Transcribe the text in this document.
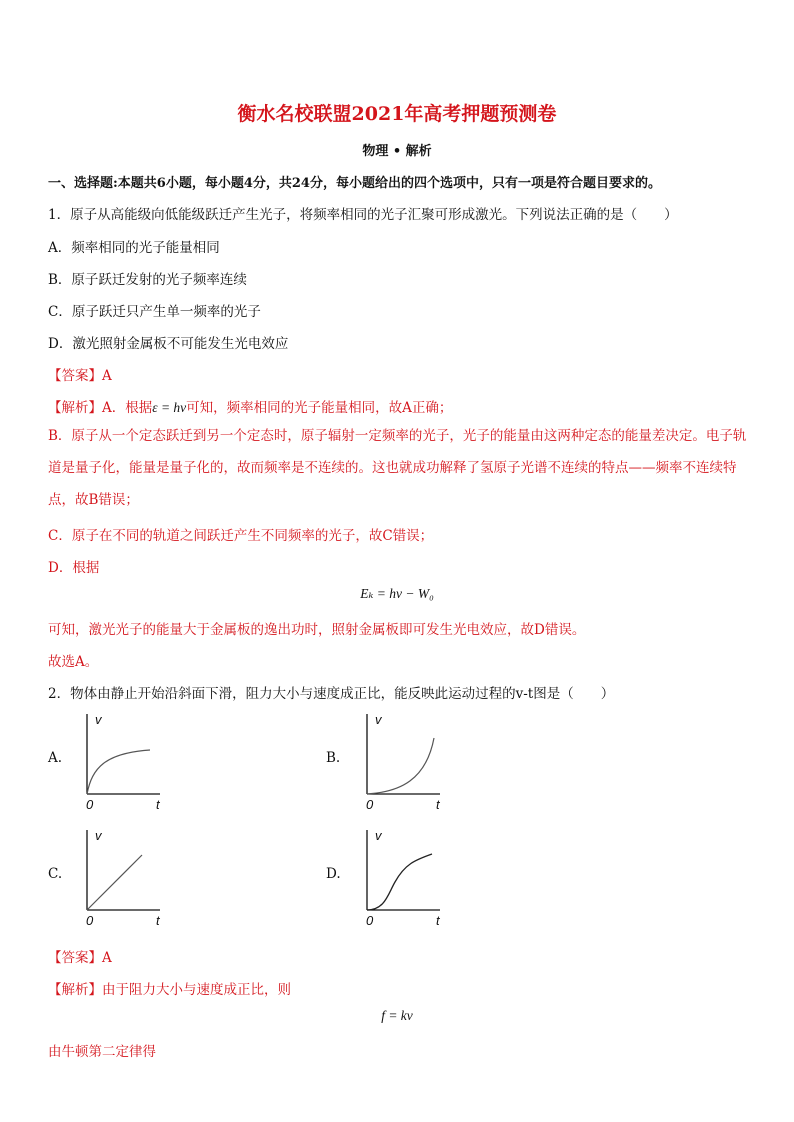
衡水名校联盟2021年高考押题预测卷
物理 • 解析
一、选择题:本题共6小题，每小题4分，共24分，每小题给出的四个选项中，只有一项是符合题目要求的。
1．原子从高能级向低能级跃迁产生光子，将频率相同的光子汇聚可形成激光。下列说法正确的是（　　）
A．频率相同的光子能量相同
B．原子跃迁发射的光子频率连续
C．原子跃迁只产生单一频率的光子
D．激光照射金属板不可能发生光电效应
【答案】A
【解析】A．根据ε = hν可知，频率相同的光子能量相同，故A正确；
B．原子从一个定态跃迁到另一个定态时，原子辐射一定频率的光子，光子的能量由这两种定态的能量差决定。电子轨道是量子化，能量是量子化的，故而频率是不连续的。这也就成功解释了氢原子光谱不连续的特点——频率不连续特点，故B错误；
C．原子在不同的轨道之间跃迁产生不同频率的光子，故C错误；
D．根据
Eₖ = hν − W₀
可知，激光光子的能量大于金属板的逸出功时，照射金属板即可发生光电效应，故D错误。
故选A。
2．物体由静止开始沿斜面下滑，阻力大小与速度成正比，能反映此运动过程的v-t图是（　　）
A.	B.
C.	D.
v
t
0
v
t
0
v
t
0
v
t
0
【答案】A
【解析】由于阻力大小与速度成正比，则
f = kv
由牛顿第二定律得
